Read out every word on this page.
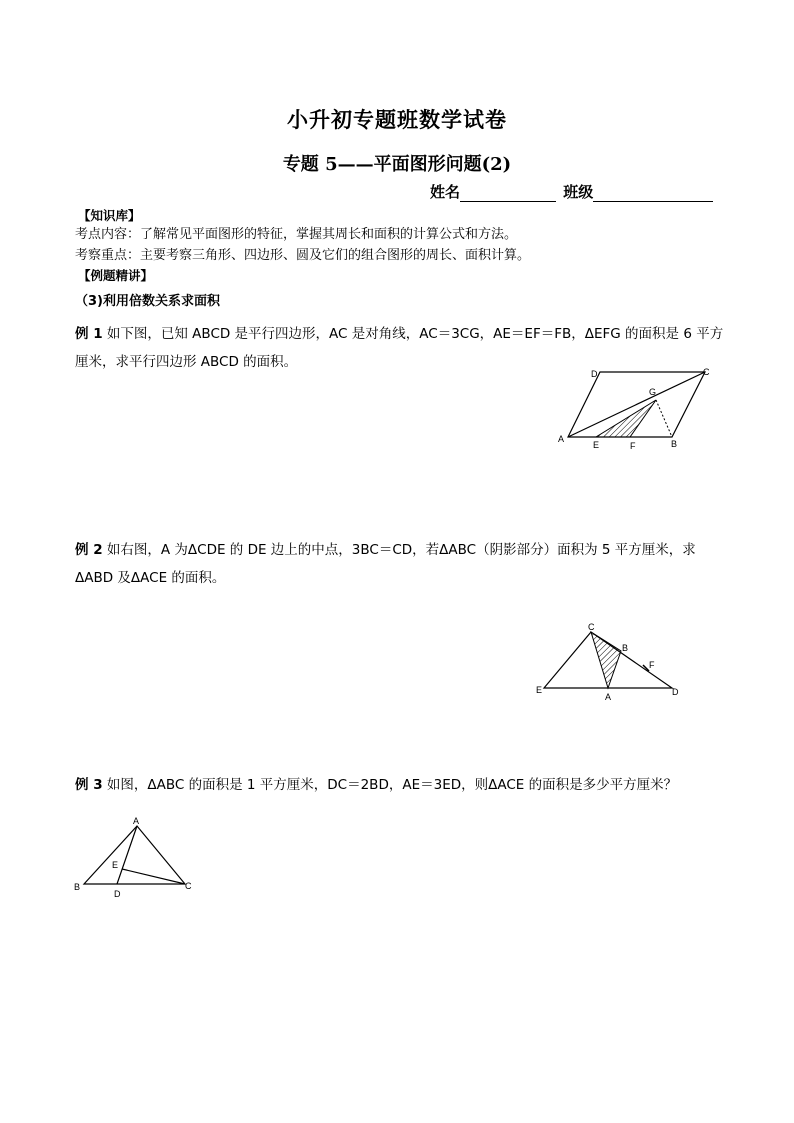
小升初专题班数学试卷
专题 5——平面图形问题(2)
姓名	班级
【知识库】
考点内容：了解常见平面图形的特征，掌握其周长和面积的计算公式和方法。
考察重点：主要考察三角形、四边形、圆及它们的组合图形的周长、面积计算。
【例题精讲】
（3)利用倍数关系求面积
例 1 如下图，已知 ABCD 是平行四边形，AC 是对角线，AC＝3CG，AE＝EF＝FB，ΔEFG 的面积是 6 平方厘米，求平行四边形 ABCD 的面积。
A	B
C
D
E	F
G
例 2 如右图，A 为ΔCDE 的 DE 边上的中点，3BC＝CD，若ΔABC（阴影部分）面积为 5 平方厘米，求ΔABD 及ΔACE 的面积。
C
B
F
E
A	D
例 3 如图，ΔABC 的面积是 1 平方厘米，DC＝2BD，AE＝3ED，则ΔACE 的面积是多少平方厘米？
A
E
B
D
C
